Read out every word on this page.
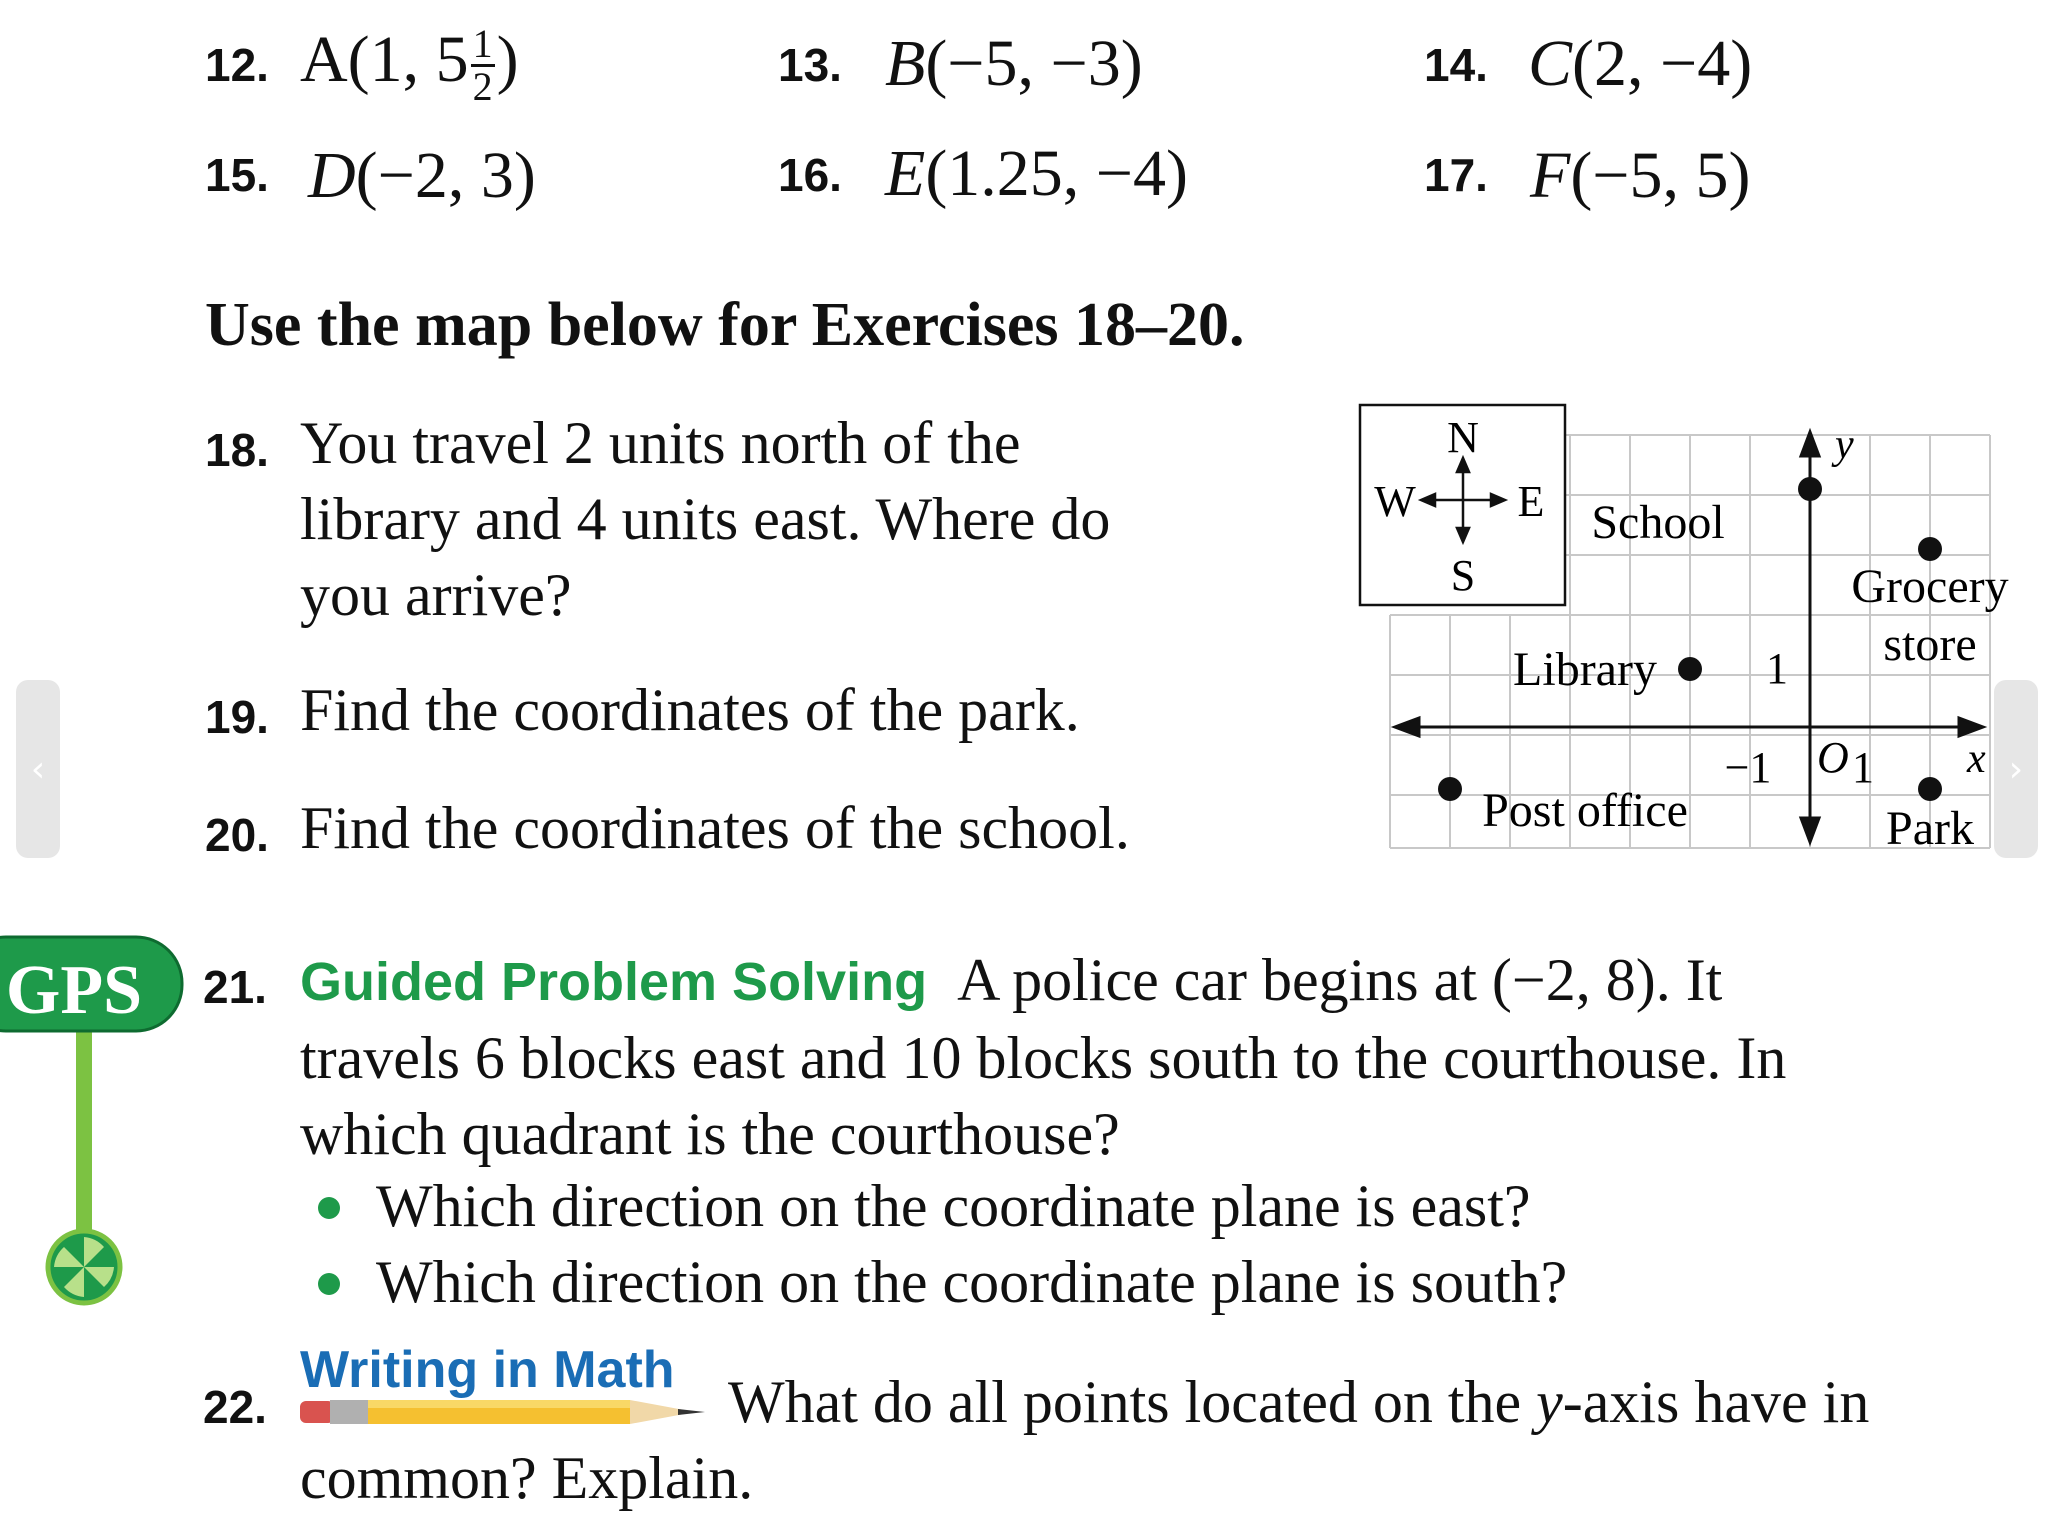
12. A(1, $5 \frac{1}{2}$ )	13. B(−5, −3)	14. C(2, −4)
15. D(−2, 3)	16. E(1.25, −4)	17. F(−5, 5)
Use the map below for Exercises 18–20.
18. You travel 2 units north of the
library and 4 units east. Where do
you arrive?
19. Find the coordinates of the park.
20. Find the coordinates of the school.
N
S
W E School
Grocery
store
Library
Post office	Park
y
x
O 1
−1
1
‹	›
GPS 21. Guided Problem Solving A police car begins at (−2, 8). It
travels 6 blocks east and 10 blocks south to the courthouse. In
which quadrant is the courthouse?
Which direction on the coordinate plane is east?
Which direction on the coordinate plane is south?
22.
Writing in Math What do all points located on the y-axis have in
common? Explain.
